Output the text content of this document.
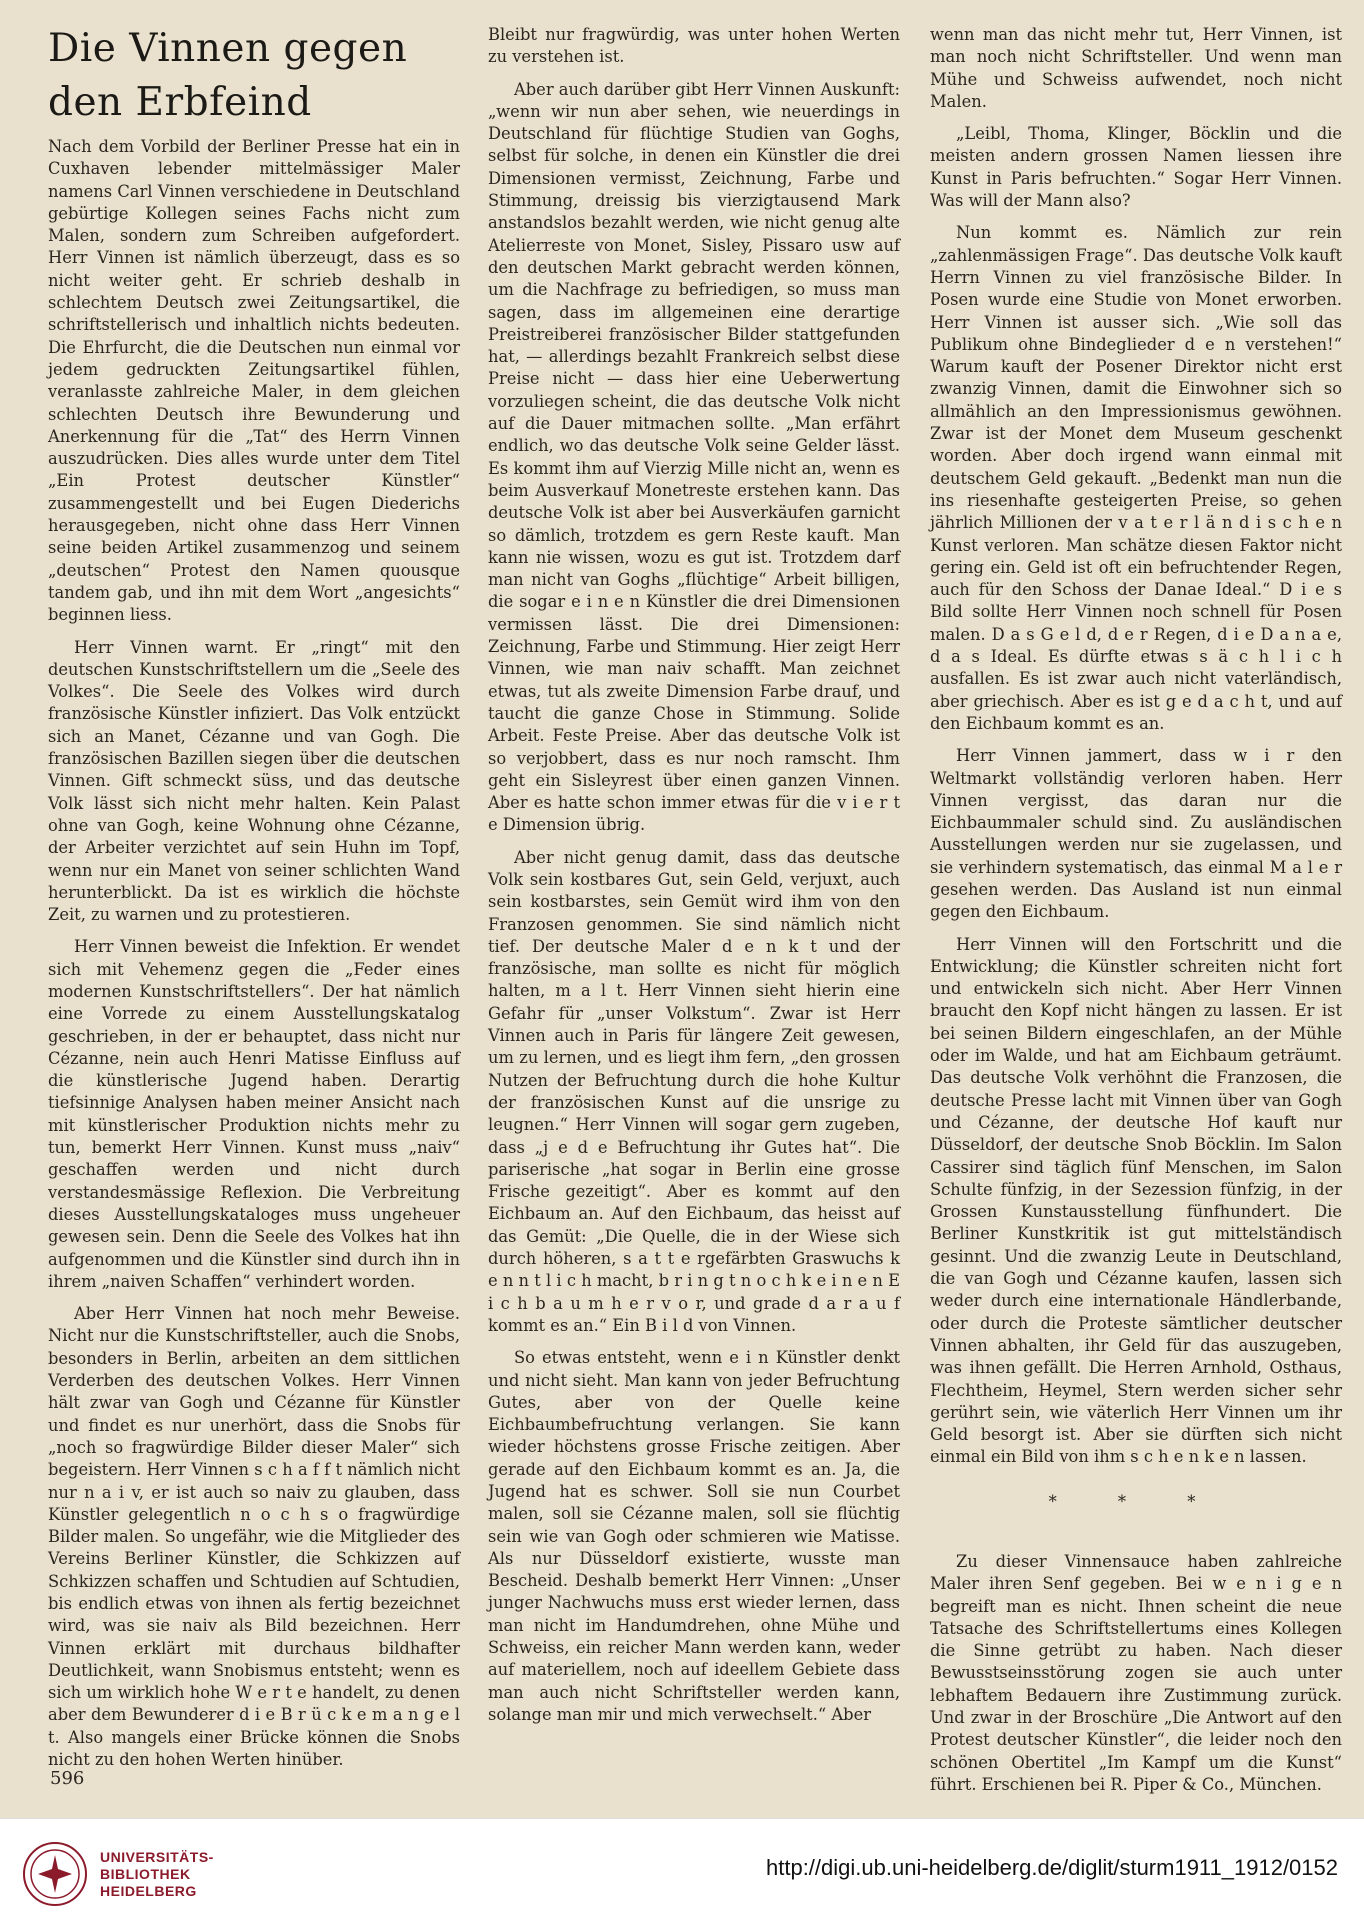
Die Vinnen gegen den Erbfeind

Nach dem Vorbild der Berliner Presse hat ein in Cuxhaven lebender mittelmässiger Maler namens Carl Vinnen verschiedene in Deutschland gebürtige Kollegen seines Fachs nicht zum Malen, sondern zum Schreiben aufgefordert. Herr Vinnen ist nämlich überzeugt, dass es so nicht weiter geht. Er schrieb deshalb in schlechtem Deutsch zwei Zeitungsartikel, die schriftstellerisch und inhaltlich nichts bedeuten. Die Ehrfurcht, die die Deutschen nun einmal vor jedem gedruckten Zeitungsartikel fühlen, veranlasste zahlreiche Maler, in dem gleichen schlechten Deutsch ihre Bewunderung und Anerkennung für die „Tat“ des Herrn Vinnen auszudrücken. Dies alles wurde unter dem Titel „Ein Protest deutscher Künstler“ zusammengestellt und bei Eugen Diederichs herausgegeben, nicht ohne dass Herr Vinnen seine beiden Artikel zusammenzog und seinem „deutschen“ Protest den Namen quousque tandem gab, und ihn mit dem Wort „angesichts“ beginnen liess.

Herr Vinnen warnt. Er „ringt“ mit den deutschen Kunstschriftstellern um die „Seele des Volkes“. Die Seele des Volkes wird durch französische Künstler infiziert. Das Volk entzückt sich an Manet, Cézanne und van Gogh. Die französischen Bazillen siegen über die deutschen Vinnen. Gift schmeckt süss, und das deutsche Volk lässt sich nicht mehr halten. Kein Palast ohne van Gogh, keine Wohnung ohne Cézanne, der Arbeiter verzichtet auf sein Huhn im Topf, wenn nur ein Manet von seiner schlichten Wand herunterblickt. Da ist es wirklich die höchste Zeit, zu warnen und zu protestieren.

Herr Vinnen beweist die Infektion. Er wendet sich mit Vehemenz gegen die „Feder eines modernen Kunstschriftstellers“. Der hat nämlich eine Vorrede zu einem Ausstellungskatalog geschrieben, in der er behauptet, dass nicht nur Cézanne, nein auch Henri Matisse Einfluss auf die künstlerische Jugend haben. Derartig tiefsinnige Analysen haben meiner Ansicht nach mit künstlerischer Produktion nichts mehr zu tun, bemerkt Herr Vinnen. Kunst muss „naiv“ geschaffen werden und nicht durch verstandesmässige Reflexion. Die Verbreitung dieses Ausstellungskataloges muss ungeheuer gewesen sein. Denn die Seele des Volkes hat ihn aufgenommen und die Künstler sind durch ihn in ihrem „naiven Schaffen“ verhindert worden.

Aber Herr Vinnen hat noch mehr Beweise. Nicht nur die Kunstschriftsteller, auch die Snobs, besonders in Berlin, arbeiten an dem sittlichen Verderben des deutschen Volkes. Herr Vinnen hält zwar van Gogh und Cézanne für Künstler und findet es nur unerhört, dass die Snobs für „noch so fragwürdige Bilder dieser Maler“ sich begeistern. Herr Vinnen s c h a f f t nämlich nicht nur n a i v, er ist auch so naiv zu glauben, dass Künstler gelegentlich n o c h s o fragwürdige Bilder malen. So ungefähr, wie die Mitglieder des Vereins Berliner Künstler, die Schkizzen auf Schkizzen schaffen und Schtudien auf Schtudien, bis endlich etwas von ihnen als fertig bezeichnet wird, was sie naiv als Bild bezeichnen. Herr Vinnen erklärt mit durchaus bildhafter Deutlichkeit, wann Snobismus entsteht; wenn es sich um wirklich hohe W e r t e handelt, zu denen aber dem Bewunderer d i e B r ü c k e m a n g e l t. Also mangels einer Brücke können die Snobs nicht zu den hohen Werten hinüber.

Bleibt nur fragwürdig, was unter hohen Werten zu verstehen ist.

Aber auch darüber gibt Herr Vinnen Auskunft: „wenn wir nun aber sehen, wie neuerdings in Deutschland für flüchtige Studien van Goghs, selbst für solche, in denen ein Künstler die drei Dimensionen vermisst, Zeichnung, Farbe und Stimmung, dreissig bis vierzigtausend Mark anstandslos bezahlt werden, wie nicht genug alte Atelierreste von Monet, Sisley, Pissaro usw auf den deutschen Markt gebracht werden können, um die Nachfrage zu befriedigen, so muss man sagen, dass im allgemeinen eine derartige Preistreiberei französischer Bilder stattgefunden hat, — allerdings bezahlt Frankreich selbst diese Preise nicht — dass hier eine Ueberwertung vorzuliegen scheint, die das deutsche Volk nicht auf die Dauer mitmachen sollte. „Man erfährt endlich, wo das deutsche Volk seine Gelder lässt. Es kommt ihm auf Vierzig Mille nicht an, wenn es beim Ausverkauf Monetreste erstehen kann. Das deutsche Volk ist aber bei Ausverkäufen garnicht so dämlich, trotzdem es gern Reste kauft. Man kann nie wissen, wozu es gut ist. Trotzdem darf man nicht van Goghs „flüchtige“ Arbeit billigen, die sogar e i n e n Künstler die drei Dimensionen vermissen lässt. Die drei Dimensionen: Zeichnung, Farbe und Stimmung. Hier zeigt Herr Vinnen, wie man naiv schafft. Man zeichnet etwas, tut als zweite Dimension Farbe drauf, und taucht die ganze Chose in Stimmung. Solide Arbeit. Feste Preise. Aber das deutsche Volk ist so verjobbert, dass es nur noch ramscht. Ihm geht ein Sisleyrest über einen ganzen Vinnen. Aber es hatte schon immer etwas für die v i e r t e Dimension übrig.

Aber nicht genug damit, dass das deutsche Volk sein kostbares Gut, sein Geld, verjuxt, auch sein kostbarstes, sein Gemüt wird ihm von den Franzosen genommen. Sie sind nämlich nicht tief. Der deutsche Maler d e n k t und der französische, man sollte es nicht für möglich halten, m a l t. Herr Vinnen sieht hierin eine Gefahr für „unser Volkstum“. Zwar ist Herr Vinnen auch in Paris für längere Zeit gewesen, um zu lernen, und es liegt ihm fern, „den grossen Nutzen der Befruchtung durch die hohe Kultur der französischen Kunst auf die unsrige zu leugnen.“ Herr Vinnen will sogar gern zugeben, dass „j e d e Befruchtung ihr Gutes hat“. Die pariserische „hat sogar in Berlin eine grosse Frische gezeitigt“. Aber es kommt auf den Eichbaum an. Auf den Eichbaum, das heisst auf das Gemüt: „Die Quelle, die in der Wiese sich durch höheren, s a t t e rgefärbten Graswuchs k e n n t l i c h macht, b r i n g t n o c h k e i n e n E i c h b a u m h e r v o r, und grade d a r a u f kommt es an.“ Ein B i l d von Vinnen.

So etwas entsteht, wenn e i n Künstler denkt und nicht sieht. Man kann von jeder Befruchtung Gutes, aber von der Quelle keine Eichbaumbefruchtung verlangen. Sie kann wieder höchstens grosse Frische zeitigen. Aber gerade auf den Eichbaum kommt es an. Ja, die Jugend hat es schwer. Soll sie nun Courbet malen, soll sie Cézanne malen, soll sie flüchtig sein wie van Gogh oder schmieren wie Matisse. Als nur Düsseldorf existierte, wusste man Bescheid. Deshalb bemerkt Herr Vinnen: „Unser junger Nachwuchs muss erst wieder lernen, dass man nicht im Handumdrehen, ohne Mühe und Schweiss, ein reicher Mann werden kann, weder auf materiellem, noch auf ideellem Gebiete dass man auch nicht Schriftsteller werden kann, solange man mir und mich verwechselt.“ Aber

wenn man das nicht mehr tut, Herr Vinnen, ist man noch nicht Schriftsteller. Und wenn man Mühe und Schweiss aufwendet, noch nicht Malen.

„Leibl, Thoma, Klinger, Böcklin und die meisten andern grossen Namen liessen ihre Kunst in Paris befruchten.“ Sogar Herr Vinnen. Was will der Mann also?

Nun kommt es. Nämlich zur rein „zahlenmässigen Frage“. Das deutsche Volk kauft Herrn Vinnen zu viel französische Bilder. In Posen wurde eine Studie von Monet erworben. Herr Vinnen ist ausser sich. „Wie soll das Publikum ohne Bindeglieder d e n verstehen!“ Warum kauft der Posener Direktor nicht erst zwanzig Vinnen, damit die Einwohner sich so allmählich an den Impressionismus gewöhnen. Zwar ist der Monet dem Museum geschenkt worden. Aber doch irgend wann einmal mit deutschem Geld gekauft. „Bedenkt man nun die ins riesenhafte gesteigerten Preise, so gehen jährlich Millionen der v a t e r l ä n d i s c h e n Kunst verloren. Man schätze diesen Faktor nicht gering ein. Geld ist oft ein befruchtender Regen, auch für den Schoss der Danae Ideal.“ D i e s Bild sollte Herr Vinnen noch schnell für Posen malen. D a s G e l d, d e r Regen, d i e D a n a e, d a s Ideal. Es dürfte etwas s ä c h l i c h ausfallen. Es ist zwar auch nicht vaterländisch, aber griechisch. Aber es ist g e d a c h t, und auf den Eichbaum kommt es an.

Herr Vinnen jammert, dass w i r den Weltmarkt vollständig verloren haben. Herr Vinnen vergisst, das daran nur die Eichbaummaler schuld sind. Zu ausländischen Ausstellungen werden nur sie zugelassen, und sie verhindern systematisch, das einmal M a l e r gesehen werden. Das Ausland ist nun einmal gegen den Eichbaum.

Herr Vinnen will den Fortschritt und die Entwicklung; die Künstler schreiten nicht fort und entwickeln sich nicht. Aber Herr Vinnen braucht den Kopf nicht hängen zu lassen. Er ist bei seinen Bildern eingeschlafen, an der Mühle oder im Walde, und hat am Eichbaum geträumt. Das deutsche Volk verhöhnt die Franzosen, die deutsche Presse lacht mit Vinnen über van Gogh und Cézanne, der deutsche Hof kauft nur Düsseldorf, der deutsche Snob Böcklin. Im Salon Cassirer sind täglich fünf Menschen, im Salon Schulte fünfzig, in der Sezession fünfzig, in der Grossen Kunstausstellung fünfhundert. Die Berliner Kunstkritik ist gut mittelständisch gesinnt. Und die zwanzig Leute in Deutschland, die van Gogh und Cézanne kaufen, lassen sich weder durch eine internationale Händlerbande, oder durch die Proteste sämtlicher deutscher Vinnen abhalten, ihr Geld für das auszugeben, was ihnen gefällt. Die Herren Arnhold, Osthaus, Flechtheim, Heymel, Stern werden sicher sehr gerührt sein, wie väterlich Herr Vinnen um ihr Geld besorgt ist. Aber sie dürften sich nicht einmal ein Bild von ihm s c h e n k e n lassen.

* * *

Zu dieser Vinnensauce haben zahlreiche Maler ihren Senf gegeben. Bei w e n i g e n begreift man es nicht. Ihnen scheint die neue Tatsache des Schriftstellertums eines Kollegen die Sinne getrübt zu haben. Nach dieser Bewusstseinsstörung zogen sie auch unter lebhaftem Bedauern ihre Zustimmung zurück. Und zwar in der Broschüre „Die Antwort auf den Protest deutscher Künstler“, die leider noch den schönen Obertitel „Im Kampf um die Kunst“ führt. Erschienen bei R. Piper & Co., München.

596
UNIVERSITÄTS-
BIBLIOTHEK
HEIDELBERG
http://digi.ub.uni-heidelberg.de/diglit/sturm1911_1912/0152
